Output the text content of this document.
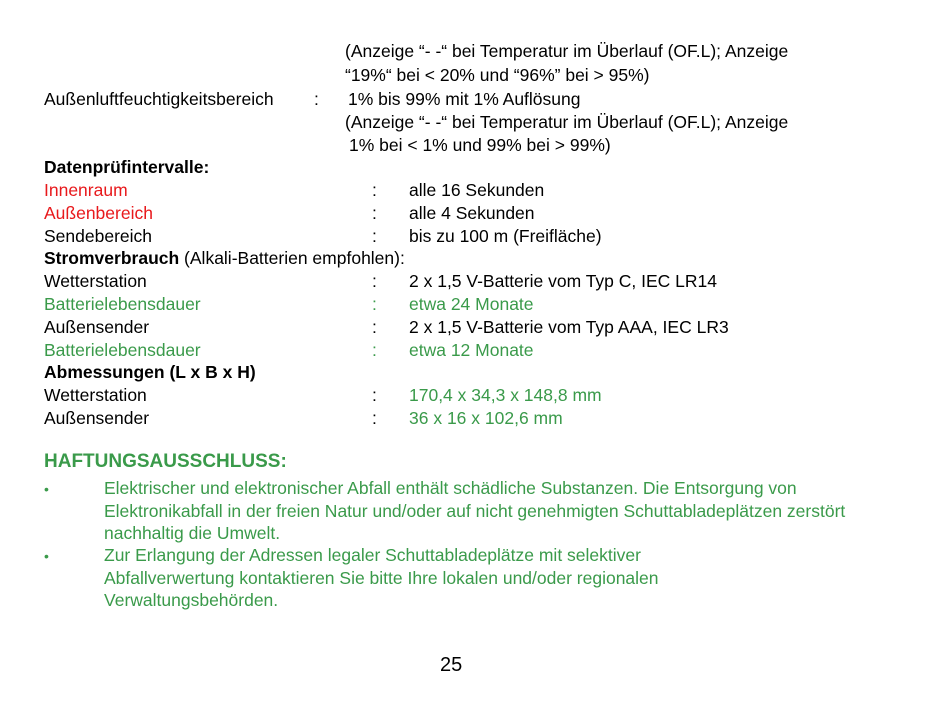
(Anzeige “- -“ bei Temperatur im Überlauf (OF.L); Anzeige
“19%“ bei < 20% und “96%” bei > 95%)
Außenluftfeuchtigkeitsbereich : 1% bis 99% mit 1% Auflösung
(Anzeige “- -“ bei Temperatur im Überlauf (OF.L); Anzeige
1% bei < 1% und 99% bei > 99%)
Datenprüfintervalle:
Innenraum	: alle 16 Sekunden
Außenbereich	: alle 4 Sekunden
Sendebereich	: bis zu 100 m (Freifläche)
Stromverbrauch (Alkali-Batterien empfohlen):
Wetterstation	: 2 x 1,5 V-Batterie vom Typ C, IEC LR14
Batterielebensdauer	: etwa 24 Monate
Außensender	: 2 x 1,5 V-Batterie vom Typ AAA, IEC LR3
Batterielebensdauer	: etwa 12 Monate
Abmessungen (L x B x H)
Wetterstation	: 170,4 x 34,3 x 148,8 mm
Außensender	: 36 x 16 x 102,6 mm
HAFTUNGSAUSSCHLUSS:
•	Elektrischer und elektronischer Abfall enthält schädliche Substanzen. Die Entsorgung von Elektronikabfall in der freien Natur und/oder auf nicht genehmigten Schuttabladeplätzen zerstört nachhaltig die Umwelt.
•	Zur Erlangung der Adressen legaler Schuttabladeplätze mit selektiver Abfallverwertung kontaktieren Sie bitte Ihre lokalen und/oder regionalen Verwaltungsbehörden.
25
